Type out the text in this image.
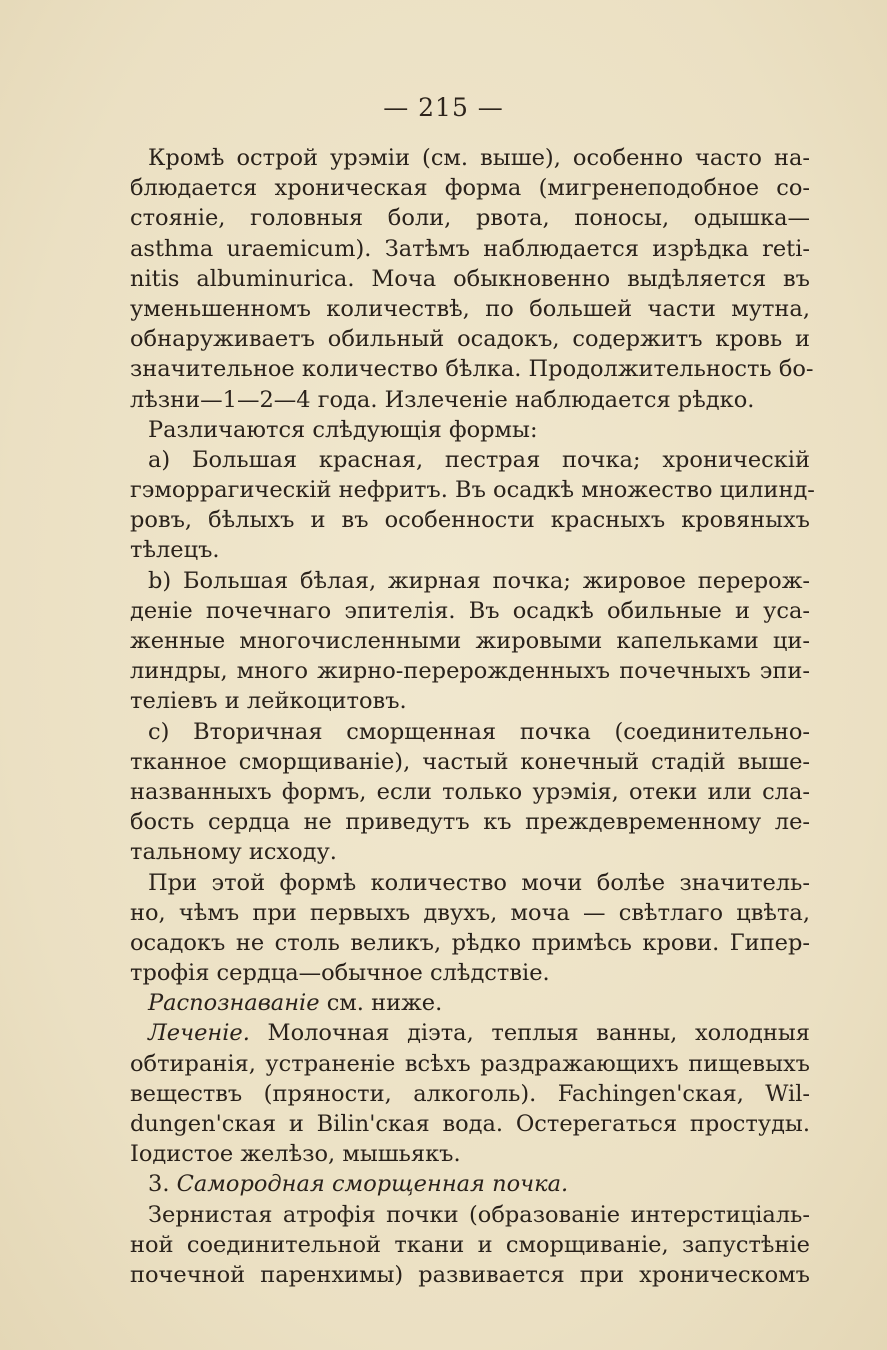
— 215 —
Кромѣ острой урэміи (см. выше), особенно часто на-
блюдается хроническая форма (мигренеподобное со-
стояніе, головныя боли, рвота, поносы, одышка—
asthma uraemicum). Затѣмъ наблюдается изрѣдка reti-
nitis albuminurica. Моча обыкновенно выдѣляется въ
уменьшенномъ количествѣ, по большей части мутна,
обнаруживаетъ обильный осадокъ, содержитъ кровь и
значительное количество бѣлка. Продолжительность бо-
лѣзни—1—2—4 года. Излеченіе наблюдается рѣдко.
Различаются слѣдующія формы:
a) Большая красная, пестрая почка; хроническій
гэморрагическій нефритъ. Въ осадкѣ множество цилинд-
ровъ, бѣлыхъ и въ особенности красныхъ кровяныхъ
тѣлецъ.
b) Большая бѣлая, жирная почка; жировое перерож-
деніе почечнаго эпителія. Въ осадкѣ обильные и уса-
женные многочисленными жировыми капельками ци-
линдры, много жирно-перерожденныхъ почечныхъ эпи-
теліевъ и лейкоцитовъ.
c) Вторичная сморщенная почка (соединительно-
тканное сморщиваніе), частый конечный стадій выше-
названныхъ формъ, если только урэмія, отеки или сла-
бость сердца не приведутъ къ преждевременному ле-
тальному исходу.
При этой формѣ количество мочи болѣе значитель-
но, чѣмъ при первыхъ двухъ, моча — свѣтлаго цвѣта,
осадокъ не столь великъ, рѣдко примѣсь крови. Гипер-
трофія сердца—обычное слѣдствіе.
Распознаваніе см. ниже.
Леченіе. Молочная діэта, теплыя ванны, холодныя
обтиранія, устраненіе всѣхъ раздражающихъ пищевыхъ
веществъ (пряности, алкоголь). Fachingen'ская, Wil-
dungen'ская и Bilin'ская вода. Остерегаться простуды.
Іодистое желѣзо, мышьякъ.
3. Самородная сморщенная почка.
Зернистая атрофія почки (образованіе интерстиціаль-
ной соединительной ткани и сморщиваніе, запустѣніе
почечной паренхимы) развивается при хроническомъ
